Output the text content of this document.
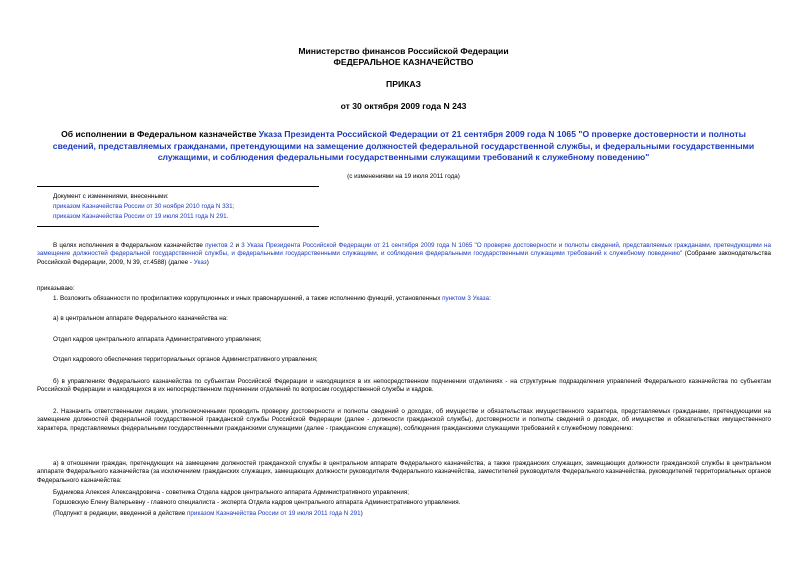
Министерство финансов Российской Федерации
ФЕДЕРАЛЬНОЕ КАЗНАЧЕЙСТВО
ПРИКАЗ
от 30 октября 2009 года N 243
Об исполнении в Федеральном казначействе Указа Президента Российской Федерации от 21 сентября 2009 года N 1065 "О проверке достоверности и полноты сведений, представляемых гражданами, претендующими на замещение должностей федеральной государственной службы, и федеральными государственными служащими, и соблюдения федеральными государственными служащими требований к служебному поведению"
(с изменениями на 19 июля 2011 года)
Документ с изменениями, внесенными:
приказом Казначейства России от 30 ноября 2010 года N 331;
приказом Казначейства России от 19 июля 2011 года N 291.
В целях исполнения в Федеральном казначействе пунктов 2 и 3 Указа Президента Российской Федерации от 21 сентября 2009 года N 1065 "О проверке достоверности и полноты сведений, представляемых гражданами, претендующими на замещение должностей федеральной государственной службы, и федеральными государственными служащими, и соблюдения федеральными государственными служащими требований к служебному поведению" (Собрание законодательства Российской Федерации, 2009, N 39, ст.4588) (далее - Указ)
приказываю:
1. Возложить обязанности по профилактике коррупционных и иных правонарушений, а также исполнению функций, установленных пунктом 3 Указа:
а) в центральном аппарате Федерального казначейства на:
Отдел кадров центрального аппарата Административного управления;
Отдел кадрового обеспечения территориальных органов Административного управления;
б) в управлениях Федерального казначейства по субъектам Российской Федерации и находящихся в их непосредственном подчинении отделениях - на структурные подразделения управлений Федерального казначейства по субъектам Российской Федерации и находящихся в их непосредственном подчинении отделений по вопросам государственной службы и кадров.
2. Назначить ответственными лицами, уполномоченными проводить проверку достоверности и полноты сведений о доходах, об имуществе и обязательствах имущественного характера, представляемых гражданами, претендующими на замещение должностей федеральной государственной гражданской службы Российской Федерации (далее - должности гражданской службы), достоверности и полноты сведений о доходах, об имуществе и обязательствах имущественного характера, представляемых федеральными государственными гражданскими служащими (далее - гражданские служащие), соблюдения гражданскими служащими требований к служебному поведению:
а) в отношении граждан, претендующих на замещение должностей гражданской службы в центральном аппарате Федерального казначейства, а также гражданских служащих, замещающих должности гражданской службы в центральном аппарате Федерального казначейства (за исключением гражданских служащих, замещающих должности руководителя Федерального казначейства, заместителей руководителя Федерального казначейства, руководителей территориальных органов Федерального казначейства:
Будникова Алексея Александровича - советника Отдела кадров центрального аппарата Административного управления;
Горшовскую Елену Валерьевну - главного специалиста - эксперта Отдела кадров центрального аппарата Административного управления.
(Подпункт в редакции, введенной в действие приказом Казначейства России от 19 июля 2011 года N 291)
